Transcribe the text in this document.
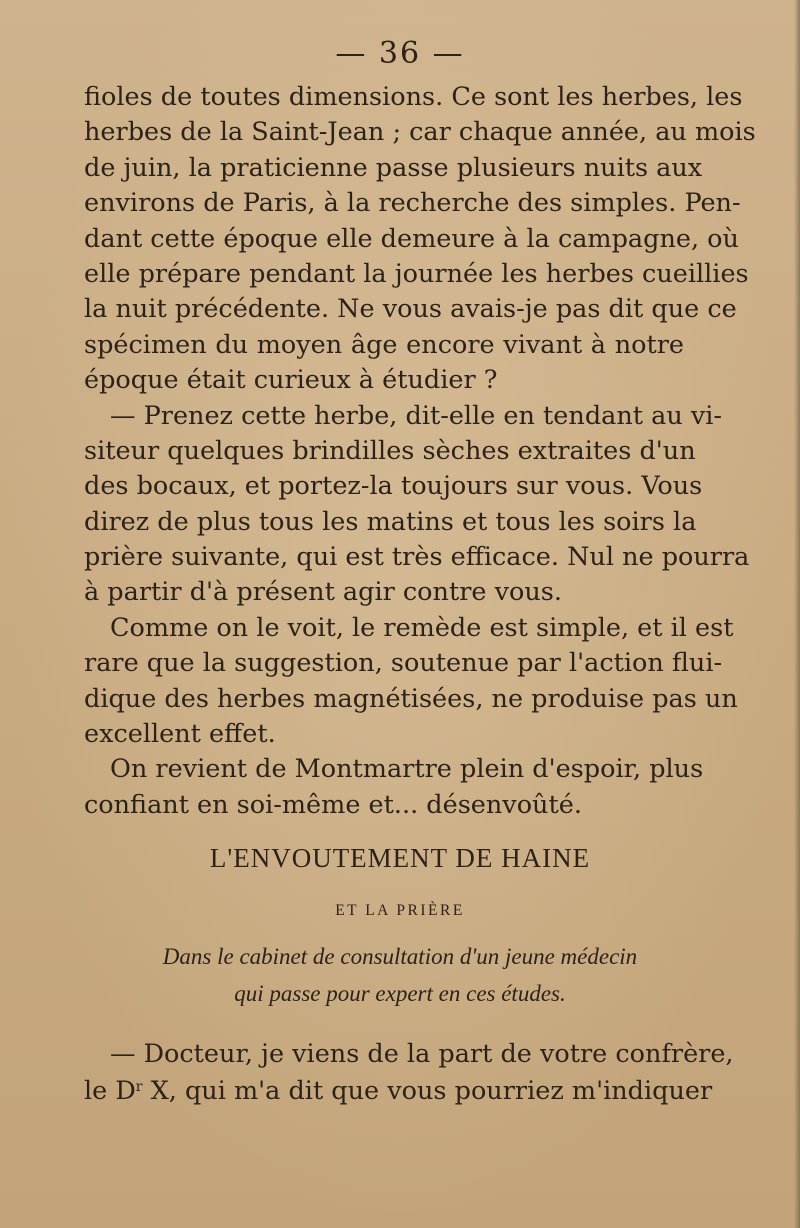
— 36 —
fioles de toutes dimensions. Ce sont les herbes, les
herbes de la Saint-Jean ; car chaque année, au mois
de juin, la praticienne passe plusieurs nuits aux
environs de Paris, à la recherche des simples. Pen-
dant cette époque elle demeure à la campagne, où
elle prépare pendant la journée les herbes cueillies
la nuit précédente. Ne vous avais-je pas dit que ce
spécimen du moyen âge encore vivant à notre
époque était curieux à étudier ?
— Prenez cette herbe, dit-elle en tendant au vi-
siteur quelques brindilles sèches extraites d'un
des bocaux, et portez-la toujours sur vous. Vous
direz de plus tous les matins et tous les soirs la
prière suivante, qui est très efficace. Nul ne pourra
à partir d'à présent agir contre vous.
Comme on le voit, le remède est simple, et il est
rare que la suggestion, soutenue par l'action flui-
dique des herbes magnétisées, ne produise pas un
excellent effet.
On revient de Montmartre plein d'espoir, plus
confiant en soi-même et... désenvoûté.
L'ENVOUTEMENT DE HAINE
ET LA PRIÈRE
Dans le cabinet de consultation d'un jeune médecin
qui passe pour expert en ces études.
— Docteur, je viens de la part de votre confrère,
le $D^r$ X, qui m'a dit que vous pourriez m'indiquer
